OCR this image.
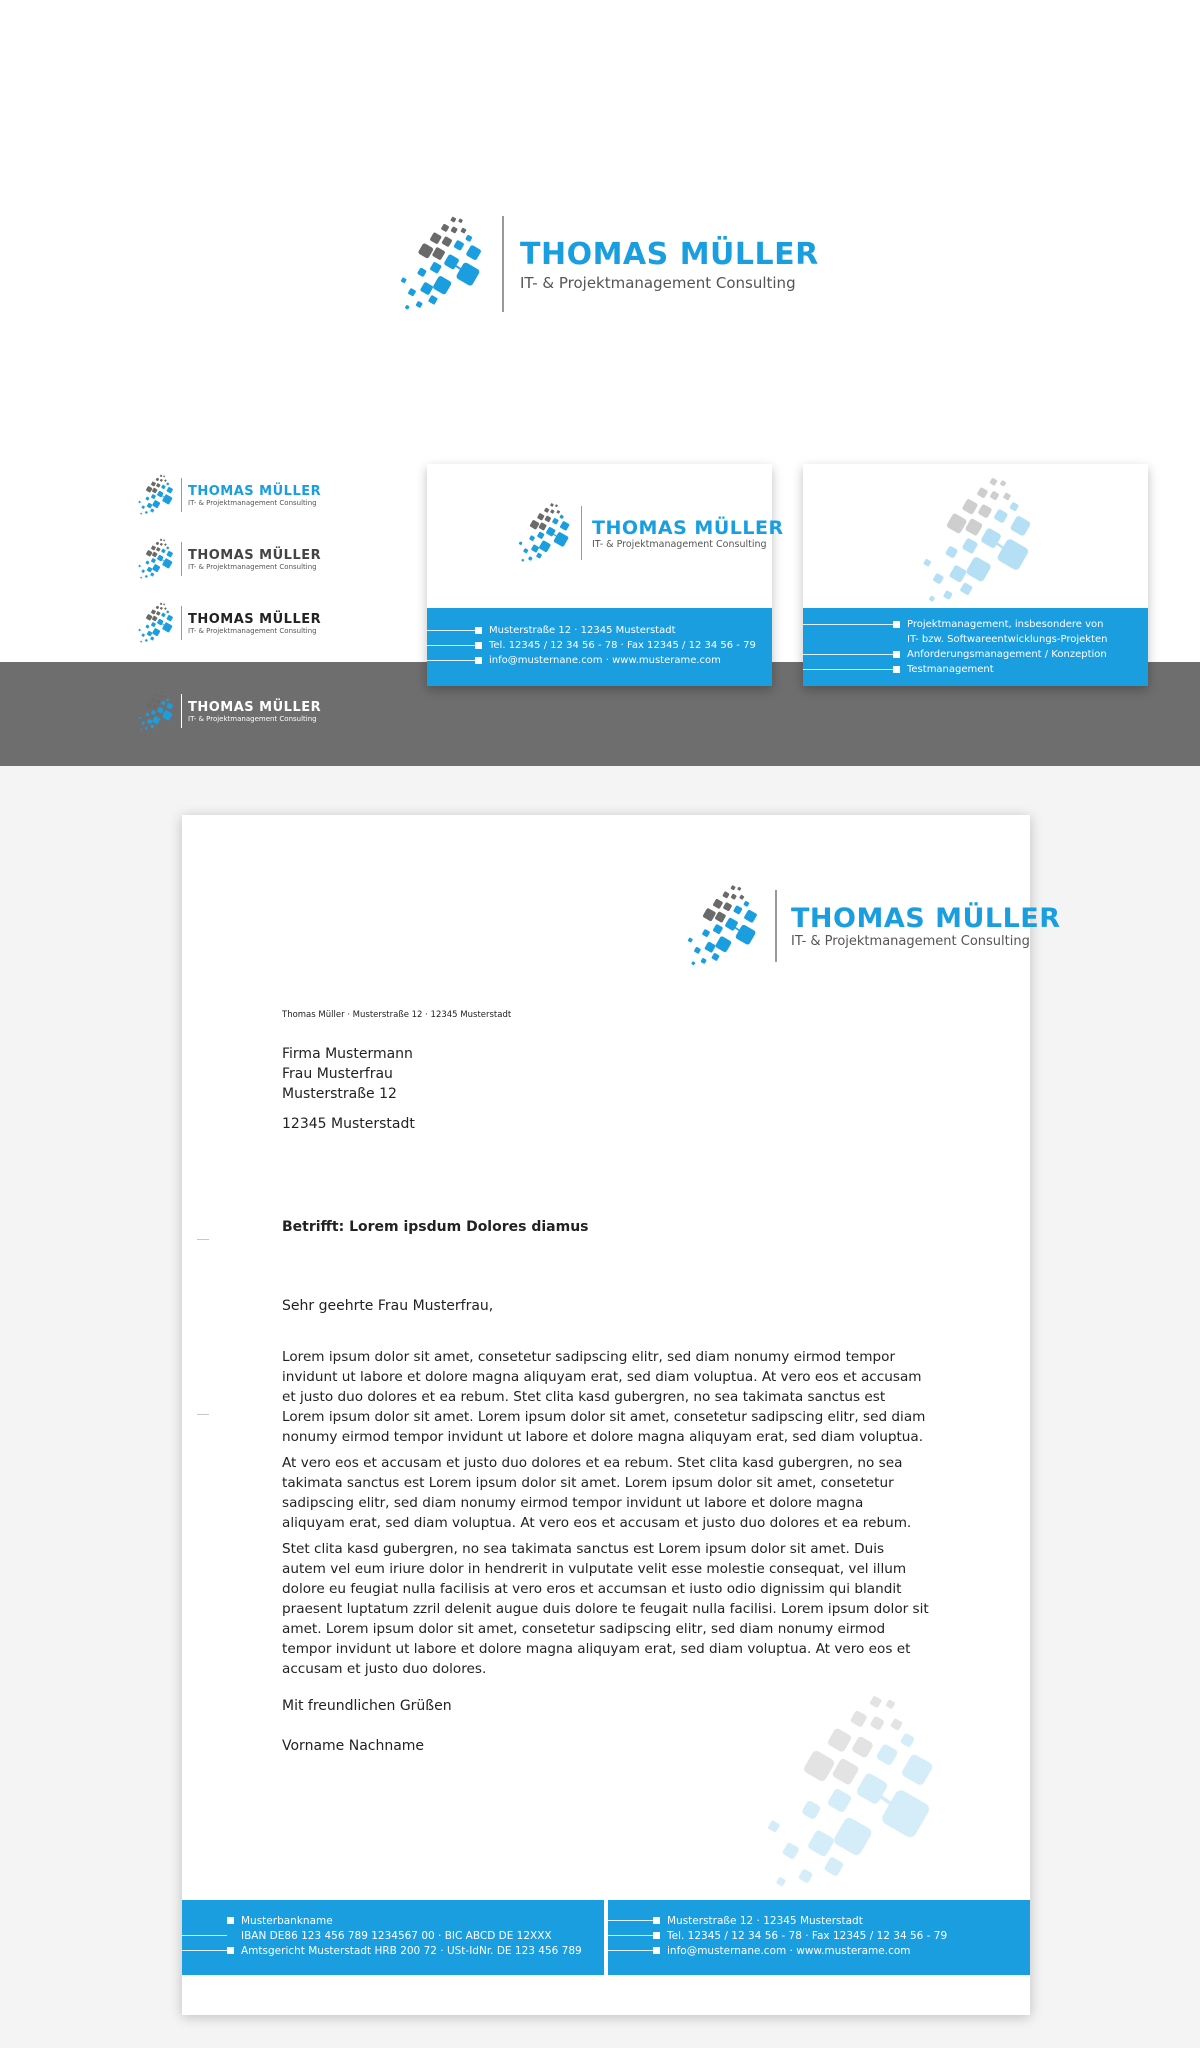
THOMAS MÜLLER
IT- & Projektmanagement Consulting
THOMAS MÜLLER
IT- & Projektmanagement Consulting
THOMAS MÜLLER
IT- & Projektmanagement Consulting
THOMAS MÜLLER
IT- & Projektmanagement Consulting
THOMAS MÜLLER
IT- & Projektmanagement Consulting
THOMAS MÜLLER
IT- & Projektmanagement Consulting
Musterstraße 12 · 12345 Musterstadt
Tel. 12345 / 12 34 56 - 78 · Fax 12345 / 12 34 56 - 79
info@musternane.com · www.musterame.com
Projektmanagement, insbesondere von
IT- bzw. Softwareentwicklungs-Projekten
Anforderungsmanagement / Konzeption
Testmanagement
THOMAS MÜLLER
IT- & Projektmanagement Consulting
Thomas Müller · Musterstraße 12 · 12345 Musterstadt
Firma Mustermann
Frau Musterfrau
Musterstraße 12
12345 Musterstadt
Betrifft: Lorem ipsdum Dolores diamus
Sehr geehrte Frau Musterfrau,

Lorem ipsum dolor sit amet, consetetur sadipscing elitr, sed diam nonumy eirmod tempor invidunt ut labore et dolore magna aliquyam erat, sed diam voluptua. At vero eos et accusam et justo duo dolores et ea rebum. Stet clita kasd gubergren, no sea takimata sanctus est Lorem ipsum dolor sit amet. Lorem ipsum dolor sit amet, consetetur sadipscing elitr, sed diam nonumy eirmod tempor invidunt ut labore et dolore magna aliquyam erat, sed diam voluptua.

At vero eos et accusam et justo duo dolores et ea rebum. Stet clita kasd gubergren, no sea takimata sanctus est Lorem ipsum dolor sit amet. Lorem ipsum dolor sit amet, consetetur sadipscing elitr, sed diam nonumy eirmod tempor invidunt ut labore et dolore magna aliquyam erat, sed diam voluptua. At vero eos et accusam et justo duo dolores et ea rebum.

Stet clita kasd gubergren, no sea takimata sanctus est Lorem ipsum dolor sit amet. Duis autem vel eum iriure dolor in hendrerit in vulputate velit esse molestie consequat, vel illum dolore eu feugiat nulla facilisis at vero eros et accumsan et iusto odio dignissim qui blandit praesent luptatum zzril delenit augue duis dolore te feugait nulla facilisi. Lorem ipsum dolor sit amet. Lorem ipsum dolor sit amet, consetetur sadipscing elitr, sed diam nonumy eirmod tempor invidunt ut labore et dolore magna aliquyam erat, sed diam voluptua. At vero eos et accusam et justo duo dolores.

Mit freundlichen Grüßen
Vorname Nachname
Musterbankname
IBAN DE86 123 456 789 1234567 00 · BIC ABCD DE 12XXX
Amtsgericht Musterstadt HRB 200 72 · USt-IdNr. DE 123 456 789
Musterstraße 12 · 12345 Musterstadt
Tel. 12345 / 12 34 56 - 78 · Fax 12345 / 12 34 56 - 79
info@musternane.com · www.musterame.com
